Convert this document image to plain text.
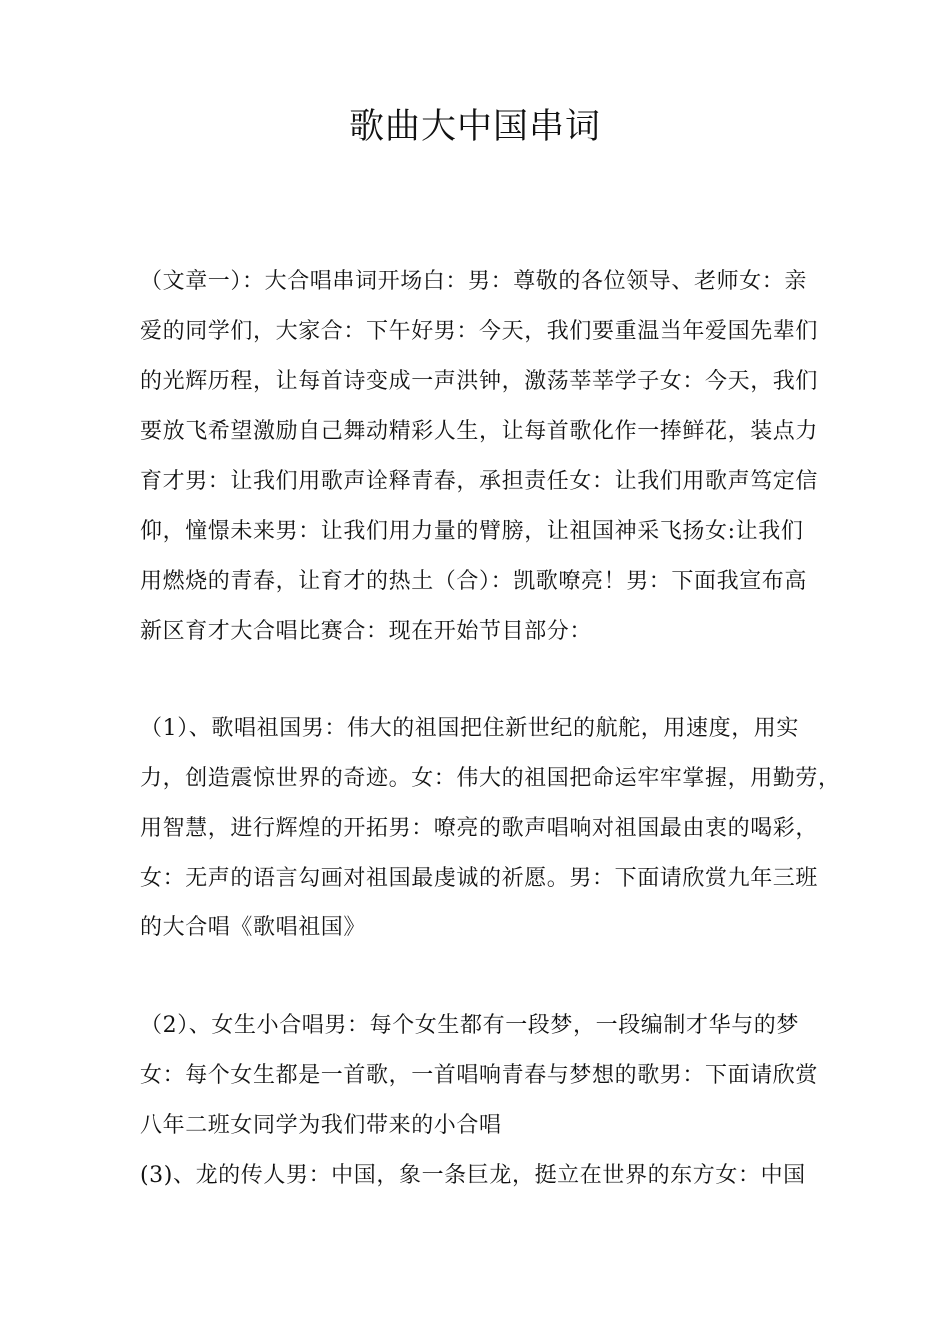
歌曲大中国串词
（文章一）：大合唱串词开场白：男：尊敬的各位领导、老师女：亲
爱的同学们，大家合：下午好男：今天，我们要重温当年爱国先辈们
的光辉历程，让每首诗变成一声洪钟，激荡莘莘学子女：今天，我们
要放飞希望激励自己舞动精彩人生，让每首歌化作一捧鲜花，装点力
育才男：让我们用歌声诠释青春，承担责任女：让我们用歌声笃定信
仰，憧憬未来男：让我们用力量的臂膀，让祖国神采飞扬女:让我们
用燃烧的青春，让育才的热土（合）：凯歌嘹亮！男：下面我宣布高
新区育才大合唱比赛合：现在开始节目部分：
（1）、歌唱祖国男：伟大的祖国把住新世纪的航舵，用速度，用实
力，创造震惊世界的奇迹。女：伟大的祖国把命运牢牢掌握，用勤劳，
用智慧，进行辉煌的开拓男：嘹亮的歌声唱响对祖国最由衷的喝彩，
女：无声的语言勾画对祖国最虔诚的祈愿。男：下面请欣赏九年三班
的大合唱《歌唱祖国》
（2）、女生小合唱男：每个女生都有一段梦，一段编制才华与的梦
女：每个女生都是一首歌，一首唱响青春与梦想的歌男：下面请欣赏
八年二班女同学为我们带来的小合唱
(3)、龙的传人男：中国，象一条巨龙，挺立在世界的东方女：中国
